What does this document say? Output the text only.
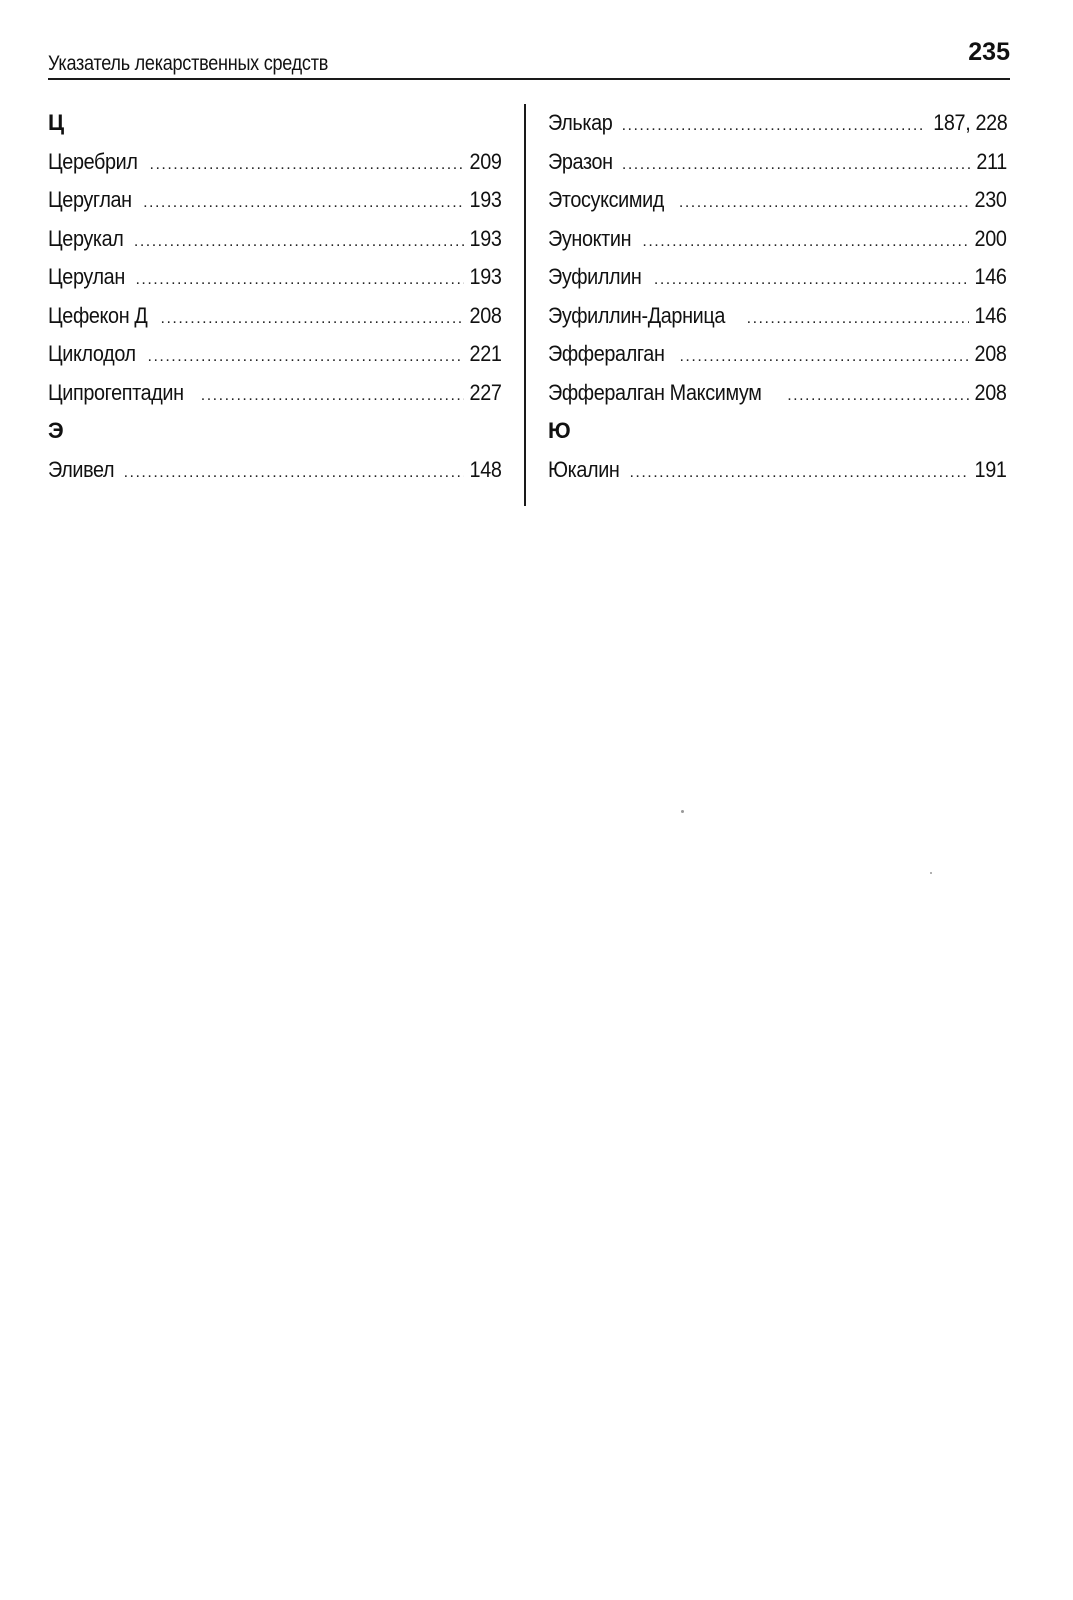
Указатель лекарственных средств	235
Ц
Церебрил .....	209
Церуглан .....	193
Церукал .....	193
Церулан .....	193
Цефекон Д .....	208
Циклодол .....	221
Ципрогептадин .....	227
Э
Эливел .....	148
Элькар .....	187, 228
Эразон .....	211
Этосуксимид .....	230
Эуноктин .....	200
Эуфиллин .....	146
Эуфиллин-Дарница .....	146
Эффералган .....	208
Эффералган Максимум .....	208
Ю
Юкалин .....	191
